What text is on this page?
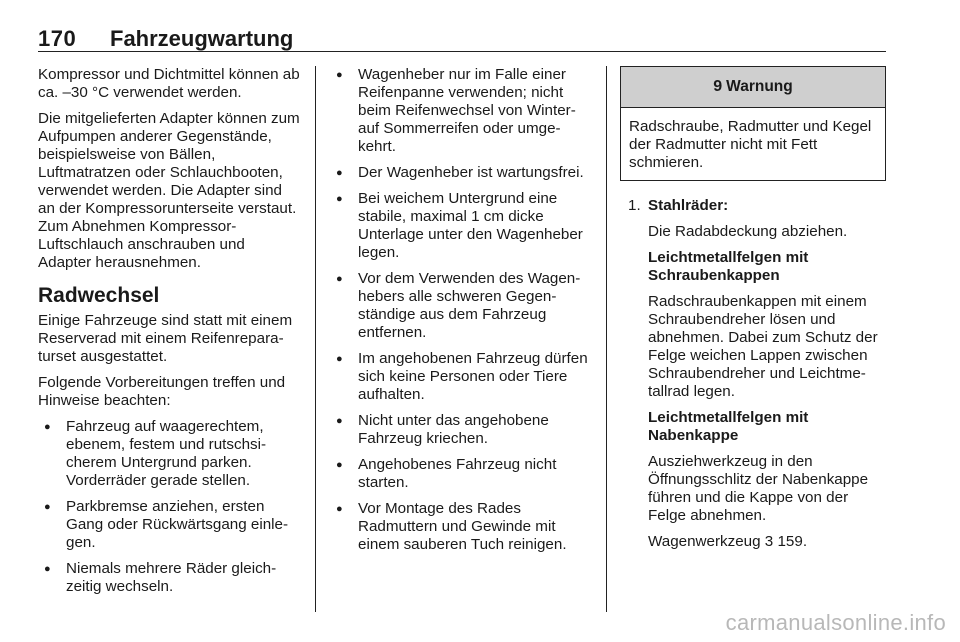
170 Fahrzeugwartung

Kompressor und Dichtmittel können ab ca. –30 °C verwendet werden.

Die mitgelieferten Adapter können zum Aufpumpen anderer Gegenstände, beispielsweise von Bällen, Luftmatratzen oder Schlauchbooten, verwendet werden. Die Adapter sind an der Kompressorunterseite verstaut. Zum Abnehmen Kompressor-Luftschlauch anschrauben und Adapter herausnehmen.

Radwechsel

Einige Fahrzeuge sind statt mit einem Reserverad mit einem Reifenreparaturset ausgestattet.

Folgende Vorbereitungen treffen und Hinweise beachten:

● Fahrzeug auf waagerechtem, ebenem, festem und rutschsicherem Untergrund parken. Vorderräder gerade stellen.
● Parkbremse anziehen, ersten Gang oder Rückwärtsgang einlegen.
● Niemals mehrere Räder gleichzeitig wechseln.
● Wagenheber nur im Falle einer Reifenpanne verwenden; nicht beim Reifenwechsel von Winter- auf Sommerreifen oder umgekehrt.
● Der Wagenheber ist wartungsfrei.
● Bei weichem Untergrund eine stabile, maximal 1 cm dicke Unterlage unter den Wagenheber legen.
● Vor dem Verwenden des Wagenhebers alle schweren Gegenständige aus dem Fahrzeug entfernen.
● Im angehobenen Fahrzeug dürfen sich keine Personen oder Tiere aufhalten.
● Nicht unter das angehobene Fahrzeug kriechen.
● Angehobenes Fahrzeug nicht starten.
● Vor Montage des Rades Radmuttern und Gewinde mit einem sauberen Tuch reinigen.
9 Warnung
Radschraube, Radmutter und Kegel der Radmutter nicht mit Fett schmieren.
1. Stahlräder:

Die Radabdeckung abziehen.

Leichtmetallfelgen mit Schraubenkappen

Radschraubenkappen mit einem Schraubendreher lösen und abnehmen. Dabei zum Schutz der Felge weichen Lappen zwischen Schraubendreher und Leichtmetallrad legen.

Leichtmetallfelgen mit Nabenkappe

Ausziehwerkzeug in den Öffnungsschlitz der Nabenkappe führen und die Kappe von der Felge abnehmen.

Wagenwerkzeug 3 159.

carmanualsonline.info
